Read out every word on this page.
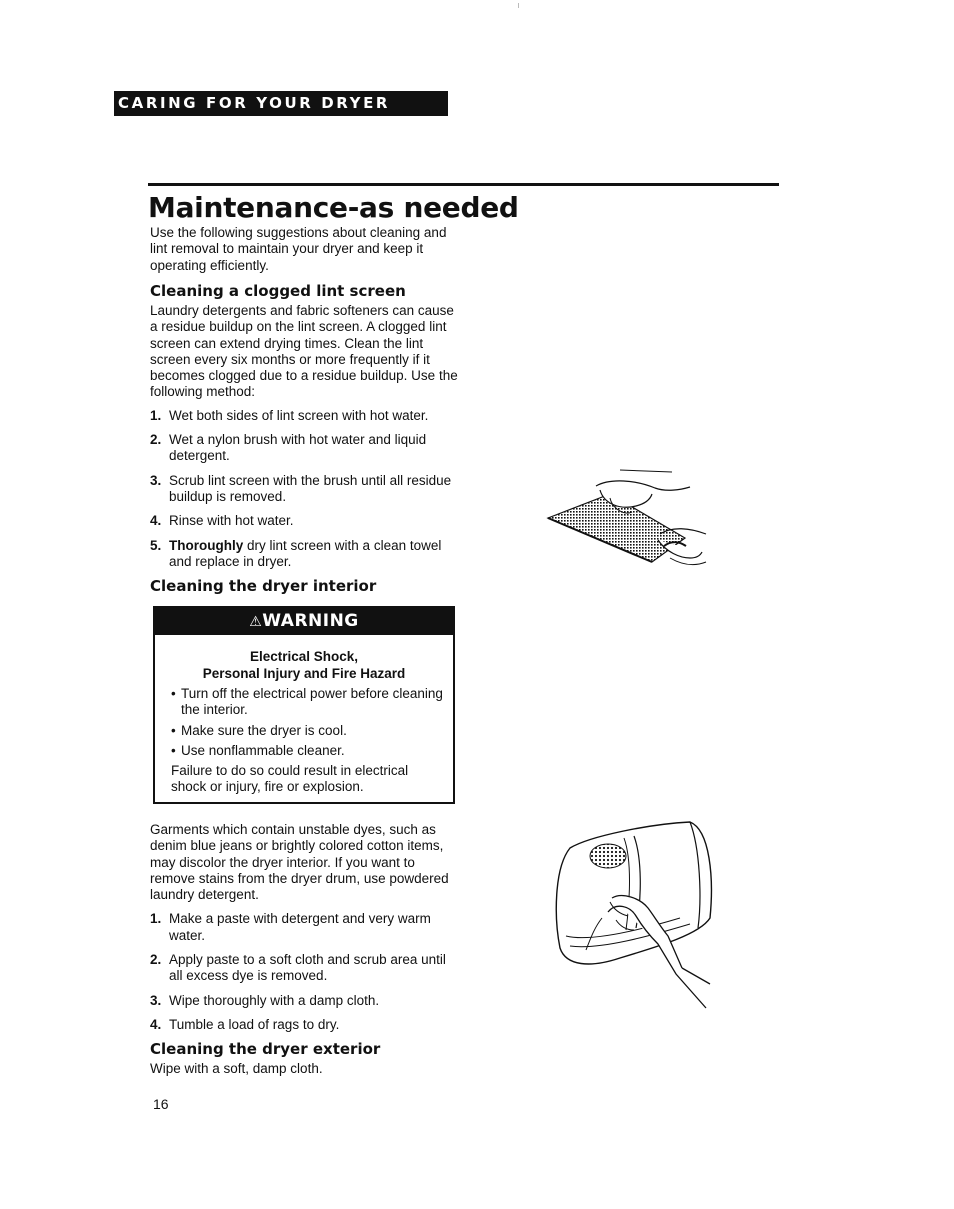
CARING FOR YOUR DRYER
Maintenance-as needed

Use the following suggestions about cleaning and lint removal to maintain your dryer and keep it operating efficiently.

Cleaning a clogged lint screen

Laundry detergents and fabric softeners can cause a residue buildup on the lint screen. A clogged lint screen can extend drying times. Clean the lint screen every six months or more frequently if it becomes clogged due to a residue buildup. Use the following method:

1. Wet both sides of lint screen with hot water.
2. Wet a nylon brush with hot water and liquid detergent.
3. Scrub lint screen with the brush until all residue buildup is removed.
4. Rinse with hot water.
5. Thoroughly dry lint screen with a clean towel and replace in dryer.
Cleaning the dryer interior
⚠WARNING
Electrical Shock,
Personal Injury and Fire Hazard
• Turn off the electrical power before cleaning the interior.
• Make sure the dryer is cool.
• Use nonflammable cleaner.
Failure to do so could result in electrical shock or injury, fire or explosion.

Garments which contain unstable dyes, such as denim blue jeans or brightly colored cotton items, may discolor the dryer interior. If you want to remove stains from the dryer drum, use powdered laundry detergent.

1. Make a paste with detergent and very warm water.
2. Apply paste to a soft cloth and scrub area until all excess dye is removed.
3. Wipe thoroughly with a damp cloth.
4. Tumble a load of rags to dry.
Cleaning the dryer exterior

Wipe with a soft, damp cloth.

16
